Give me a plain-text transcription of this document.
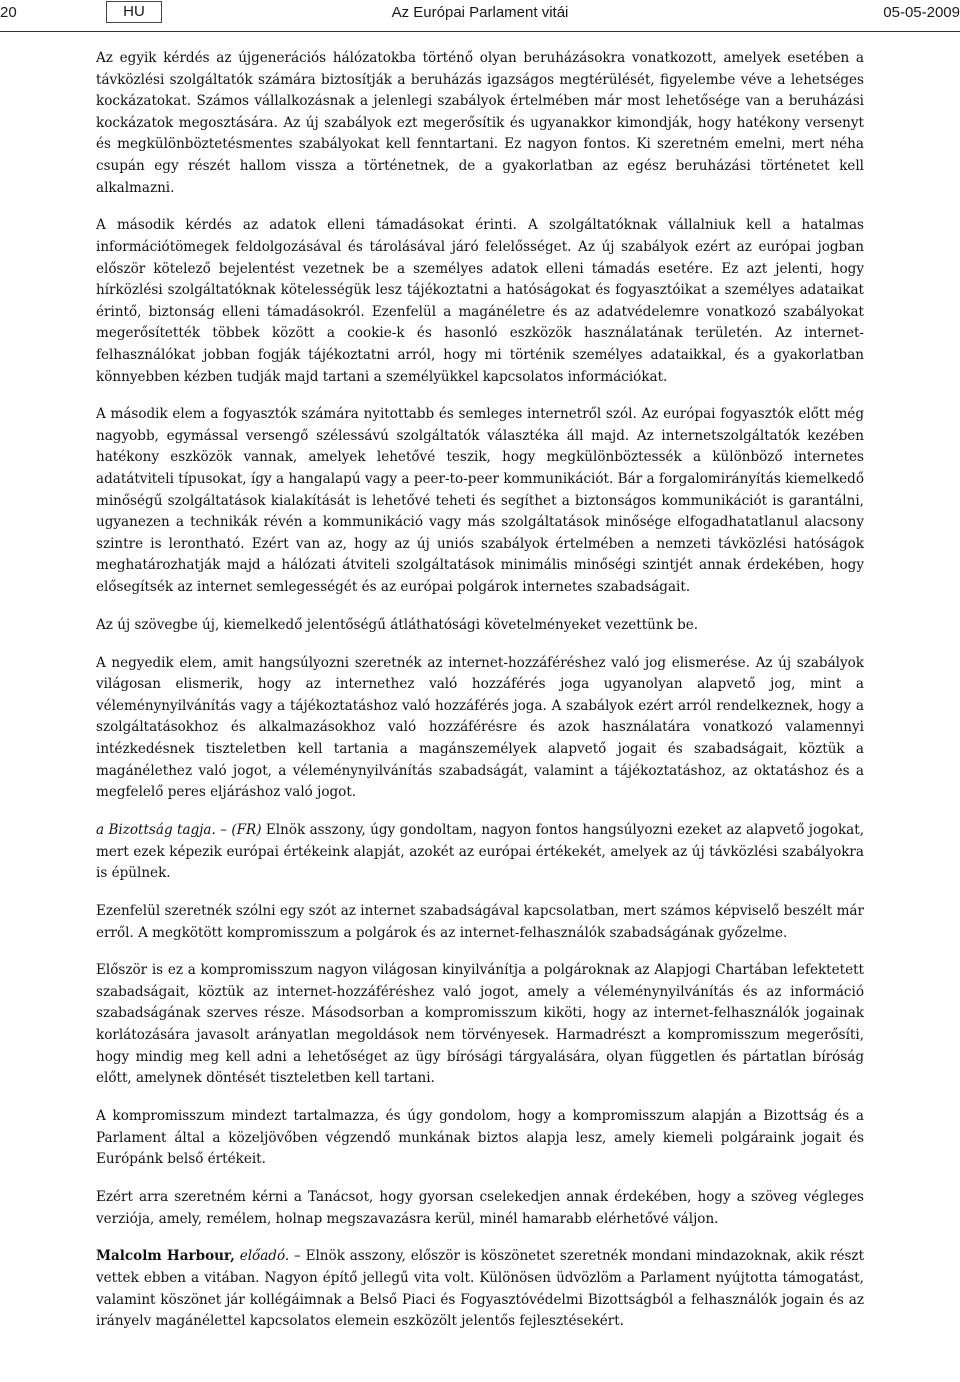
20	HU	Az Európai Parlament vitái	05-05-2009

Az egyik kérdés az újgenerációs hálózatokba történő olyan beruházásokra vonatkozott, amelyek esetében a távközlési szolgáltatók számára biztosítják a beruházás igazságos megtérülését, figyelembe véve a lehetséges kockázatokat. Számos vállalkozásnak a jelenlegi szabályok értelmében már most lehetősége van a beruházási kockázatok megosztására. Az új szabályok ezt megerősítik és ugyanakkor kimondják, hogy hatékony versenyt és megkülönböztetésmentes szabályokat kell fenntartani. Ez nagyon fontos. Ki szeretném emelni, mert néha csupán egy részét hallom vissza a történetnek, de a gyakorlatban az egész beruházási történetet kell alkalmazni.

A második kérdés az adatok elleni támadásokat érinti. A szolgáltatóknak vállalniuk kell a hatalmas információtömegek feldolgozásával és tárolásával járó felelősséget. Az új szabályok ezért az európai jogban először kötelező bejelentést vezetnek be a személyes adatok elleni támadás esetére. Ez azt jelenti, hogy hírközlési szolgáltatóknak kötelességük lesz tájékoztatni a hatóságokat és fogyasztóikat a személyes adataikat érintő, biztonság elleni támadásokról. Ezenfelül a magánéletre és az adatvédelemre vonatkozó szabályokat megerősítették többek között a cookie-k és hasonló eszközök használatának területén. Az internet-felhasználókat jobban fogják tájékoztatni arról, hogy mi történik személyes adataikkal, és a gyakorlatban könnyebben kézben tudják majd tartani a személyükkel kapcsolatos információkat.

A második elem a fogyasztók számára nyitottabb és semleges internetről szól. Az európai fogyasztók előtt még nagyobb, egymással versengő szélessávú szolgáltatók választéka áll majd. Az internetszolgáltatók kezében hatékony eszközök vannak, amelyek lehetővé teszik, hogy megkülönböztessék a különböző internetes adatátviteli típusokat, így a hangalapú vagy a peer-to-peer kommunikációt. Bár a forgalomirányítás kiemelkedő minőségű szolgáltatások kialakítását is lehetővé teheti és segíthet a biztonságos kommunikációt is garantálni, ugyanezen a technikák révén a kommunikáció vagy más szolgáltatások minősége elfogadhatatlanul alacsony szintre is leronthatό. Ezért van az, hogy az új uniós szabályok értelmében a nemzeti távközlési hatóságok meghatározhatják majd a hálózati átviteli szolgáltatások minimális minőségi szintjét annak érdekében, hogy elősegítsék az internet semlegességét és az európai polgárok internetes szabadságait.

Az új szövegbe új, kiemelkedő jelentőségű átláthatósági követelményeket vezettünk be.

A negyedik elem, amit hangsúlyozni szeretnék az internet-hozzáféréshez való jog elismerése. Az új szabályok világosan elismerik, hogy az internethez való hozzáférés joga ugyanolyan alapvető jog, mint a véleménynyilvánítás vagy a tájékoztatáshoz való hozzáférés joga. A szabályok ezért arról rendelkeznek, hogy a szolgáltatásokhoz és alkalmazásokhoz való hozzáférésre és azok használatára vonatkozó valamennyi intézkedésnek tiszteletben kell tartania a magánszemélyek alapvető jogait és szabadságait, köztük a magánélethez való jogot, a véleménynyilvánítás szabadságát, valamint a tájékoztatáshoz, az oktatáshoz és a megfelelő peres eljáráshoz való jogot.

a Bizottság tagja. – (FR) Elnök asszony, úgy gondoltam, nagyon fontos hangsúlyozni ezeket az alapvető jogokat, mert ezek képezik európai értékeink alapját, azokét az európai értékekét, amelyek az új távközlési szabályokra is épülnek.

Ezenfelül szeretnék szólni egy szót az internet szabadságával kapcsolatban, mert számos képviselő beszélt már erről. A megkötött kompromisszum a polgárok és az internet-felhasználók szabadságának győzelme.

Először is ez a kompromisszum nagyon világosan kinyilvánítja a polgároknak az Alapjogi Chartában lefektetett szabadságait, köztük az internet-hozzáféréshez való jogot, amely a véleménynyilvánítás és az információ szabadságának szerves része. Másodsorban a kompromisszum kiköti, hogy az internet-felhasználók jogainak korlátozására javasolt arányatlan megoldások nem törvényesek. Harmadrészt a kompromisszum megerősíti, hogy mindig meg kell adni a lehetőséget az ügy bírósági tárgyalására, olyan független és pártatlan bíróság előtt, amelynek döntését tiszteletben kell tartani.

A kompromisszum mindezt tartalmazza, és úgy gondolom, hogy a kompromisszum alapján a Bizottság és a Parlament által a közeljövőben végzendő munkának biztos alapja lesz, amely kiemeli polgáraink jogait és Európánk belső értékeit.

Ezért arra szeretném kérni a Tanácsot, hogy gyorsan cselekedjen annak érdekében, hogy a szöveg végleges verziója, amely, remélem, holnap megszavazásra kerül, minél hamarabb elérhetővé váljon.

Malcolm Harbour, előadó. – Elnök asszony, először is köszönetet szeretnék mondani mindazoknak, akik részt vettek ebben a vitában. Nagyon építő jellegű vita volt. Különösen üdvözlöm a Parlament nyújtotta támogatást, valamint köszönet jár kollégáimnak a Belső Piaci és Fogyasztóvédelmi Bizottságból a felhasználók jogain és az irányelv magánélettel kapcsolatos elemein eszközölt jelentős fejlesztésekért.
